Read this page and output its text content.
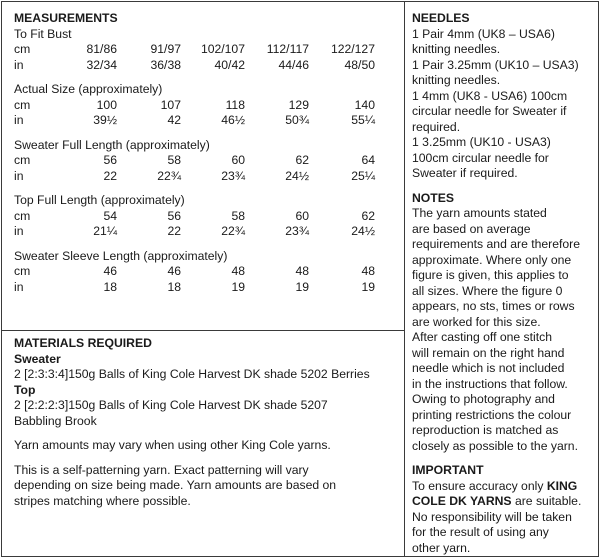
MEASUREMENTS
To Fit Bust
cm	81/86	91/97	102/107	112/117	122/127
in	32/34	36/38	40/42	44/46	48/50
Actual Size (approximately)
cm	100	107	118	129	140
in	39½	42	46½	50¾	55¼
Sweater Full Length (approximately)
cm	56	58	60	62	64
in	22	22¾	23¾	24½	25¼
Top Full Length (approximately)
cm	54	56	58	60	62
in	21¼	22	22¾	23¾	24½
Sweater Sleeve Length (approximately)
cm	46	46	48	48	48
in	18	18	19	19	19
MATERIALS REQUIRED
Sweater
2 [2:3:3:4]150g Balls of King Cole Harvest DK shade 5202 Berries
Top
2 [2:2:2:3]150g Balls of King Cole Harvest DK shade 5207
Babbling Brook
Yarn amounts may vary when using other King Cole yarns.
This is a self-patterning yarn. Exact patterning will vary
depending on size being made. Yarn amounts are based on
stripes matching where possible.
NEEDLES
1 Pair 4mm (UK8 – USA6)
knitting needles.
1 Pair 3.25mm (UK10 – USA3)
knitting needles.
1 4mm (UK8 - USA6) 100cm
circular needle for Sweater if
required.
1 3.25mm (UK10 - USA3)
100cm circular needle for
Sweater if required.
NOTES
The yarn amounts stated
are based on average
requirements and are therefore
approximate. Where only one
figure is given, this applies to
all sizes. Where the figure 0
appears, no sts, times or rows
are worked for this size.
After casting off one stitch
will remain on the right hand
needle which is not included
in the instructions that follow.
Owing to photography and
printing restrictions the colour
reproduction is matched as
closely as possible to the yarn.
IMPORTANT
To ensure accuracy only KING
COLE DK YARNS are suitable.
No responsibility will be taken
for the result of using any
other yarn.
